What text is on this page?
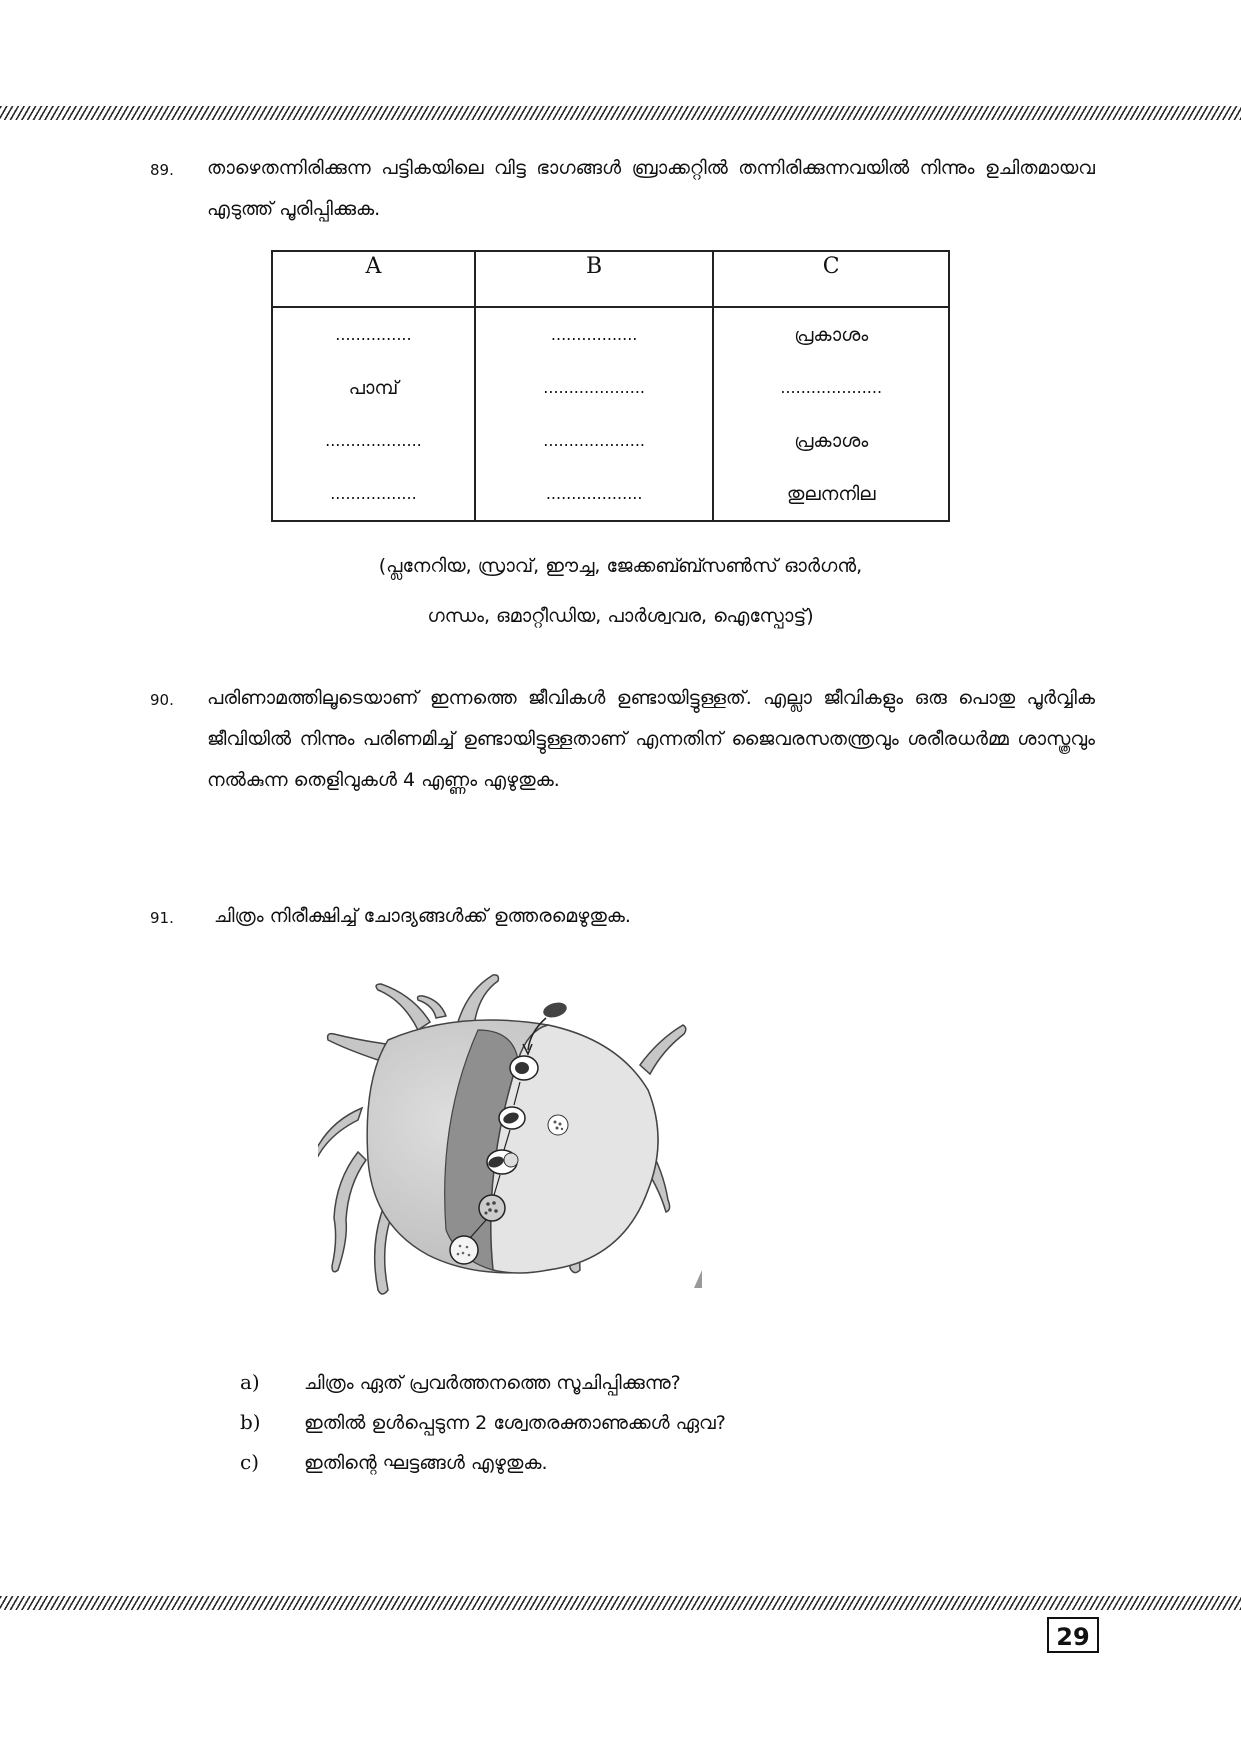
89. താഴെതന്നിരിക്കുന്ന പട്ടികയിലെ വിട്ട ഭാഗങ്ങൾ ബ്രാക്കറ്റിൽ തന്നിരിക്കുന്നവയിൽ നിന്നും ഉചിതമായവ എടുത്ത് പൂരിപ്പിക്കുക.
A	B	C
...............	.................	പ്രകാശം
പാമ്പ്	....................	....................
...................	....................	പ്രകാശം
.................	...................	തുലനനില
(പ്ലനേറിയ, സ്രാവ്, ഈച്ച, ജേക്കബ്ബ്സൺസ് ഓർഗൻ,
ഗന്ധം, ഒമാറ്റീഡിയ, പാർശ്വവര, ഐസ്പോട്ട്)
90. പരിണാമത്തിലൂടെയാണ് ഇന്നത്തെ ജീവികൾ ഉണ്ടായിട്ടുള്ളത്. എല്ലാ ജീവികളും ഒരു പൊതു പൂർവ്വിക ജീവിയിൽ നിന്നും പരിണമിച്ച് ഉണ്ടായിട്ടുള്ളതാണ് എന്നതിന് ജൈവരസതന്ത്രവും ശരീരധർമ്മ ശാസ്ത്രവും നൽകുന്ന തെളിവുകൾ 4 എണ്ണം എഴുതുക.
91. ചിത്രം നിരീക്ഷിച്ച് ചോദ്യങ്ങൾക്ക് ഉത്തരമെഴുതുക.
a) ചിത്രം ഏത് പ്രവർത്തനത്തെ സൂചിപ്പിക്കുന്നു?
b) ഇതിൽ ഉൾപ്പെടുന്ന 2 ശ്വേതരക്താണുക്കൾ ഏവ?
c) ഇതിന്റെ ഘട്ടങ്ങൾ എഴുതുക.
29
